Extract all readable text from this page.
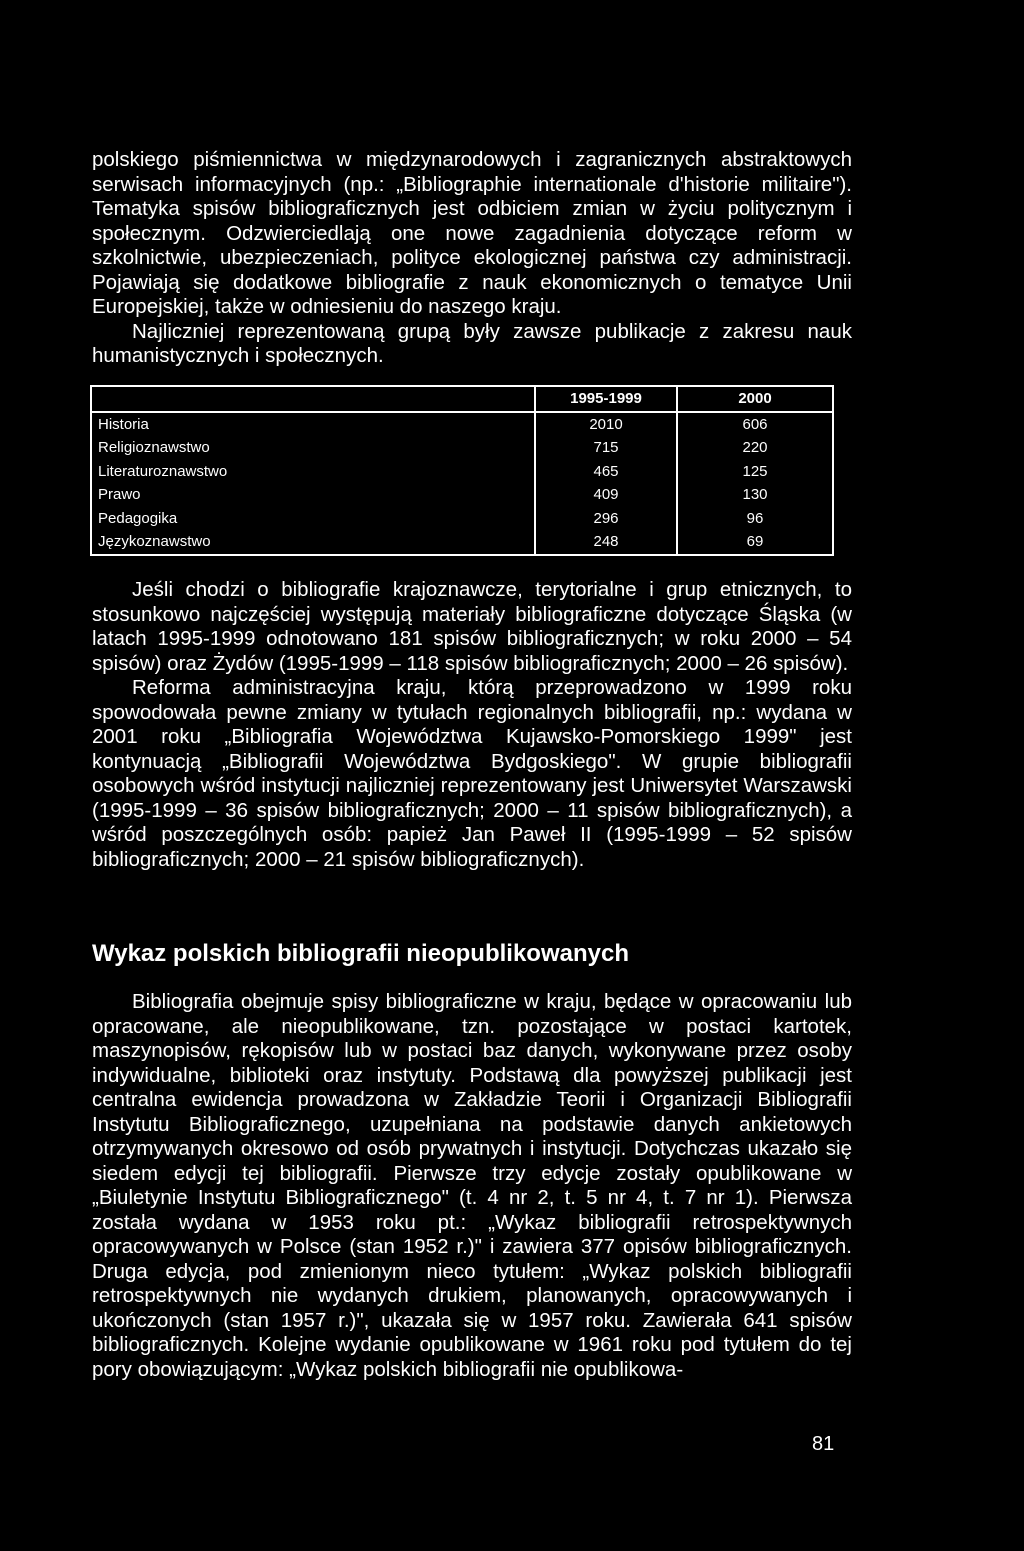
polskiego piśmiennictwa w międzynarodowych i zagranicznych abstraktowych serwisach informacyjnych (np.: „Bibliographie internationale d'historie militaire"). Tematyka spisów bibliograficznych jest odbiciem zmian w życiu politycznym i społecznym. Odzwierciedlają one nowe zagadnienia dotyczące reform w szkolnictwie, ubezpieczeniach, polityce ekologicznej państwa czy administracji. Pojawiają się dodatkowe bibliografie z nauk ekonomicznych o tematyce Unii Europejskiej, także w odniesieniu do naszego kraju.

Najliczniej reprezentowaną grupą były zawsze publikacje z zakresu nauk humanistycznych i społecznych.

	1995-1999	2000
Historia	2010	606
Religioznawstwo	715	220
Literaturoznawstwo	465	125
Prawo	409	130
Pedagogika	296	96
Językoznawstwo	248	69

Jeśli chodzi o bibliografie krajoznawcze, terytorialne i grup etnicznych, to stosunkowo najczęściej występują materiały bibliograficzne dotyczące Śląska (w latach 1995-1999 odnotowano 181 spisów bibliograficznych; w roku 2000 – 54 spisów) oraz Żydów (1995-1999 – 118 spisów bibliograficznych; 2000 – 26 spisów).

Reforma administracyjna kraju, którą przeprowadzono w 1999 roku spowodowała pewne zmiany w tytułach regionalnych bibliografii, np.: wydana w 2001 roku „Bibliografia Województwa Kujawsko-Pomorskiego 1999" jest kontynuacją „Bibliografii Województwa Bydgoskiego". W grupie bibliografii osobowych wśród instytucji najliczniej reprezentowany jest Uniwersytet Warszawski (1995-1999 – 36 spisów bibliograficznych; 2000 – 11 spisów bibliograficznych), a wśród poszczególnych osób: papież Jan Paweł II (1995-1999 – 52 spisów bibliograficznych; 2000 – 21 spisów bibliograficznych).

Wykaz polskich bibliografii nieopublikowanych

Bibliografia obejmuje spisy bibliograficzne w kraju, będące w opracowaniu lub opracowane, ale nieopublikowane, tzn. pozostające w postaci kartotek, maszynopisów, rękopisów lub w postaci baz danych, wykonywane przez osoby indywidualne, biblioteki oraz instytuty. Podstawą dla powyższej publikacji jest centralna ewidencja prowadzona w Zakładzie Teorii i Organizacji Bibliografii Instytutu Bibliograficznego, uzupełniana na podstawie danych ankietowych otrzymywanych okresowo od osób prywatnych i instytucji. Dotychczas ukazało się siedem edycji tej bibliografii. Pierwsze trzy edycje zostały opublikowane w „Biuletynie Instytutu Bibliograficznego" (t. 4 nr 2, t. 5 nr 4, t. 7 nr 1). Pierwsza została wydana w 1953 roku pt.: „Wykaz bibliografii retrospektywnych opracowywanych w Polsce (stan 1952 r.)" i zawiera 377 opisów bibliograficznych. Druga edycja, pod zmienionym nieco tytułem: „Wykaz polskich bibliografii retrospektywnych nie wydanych drukiem, planowanych, opracowywanych i ukończonych (stan 1957 r.)", ukazała się w 1957 roku. Zawierała 641 spisów bibliograficznych. Kolejne wydanie opublikowane w 1961 roku pod tytułem do tej pory obowiązującym: „Wykaz polskich bibliografii nie opublikowa-

81
